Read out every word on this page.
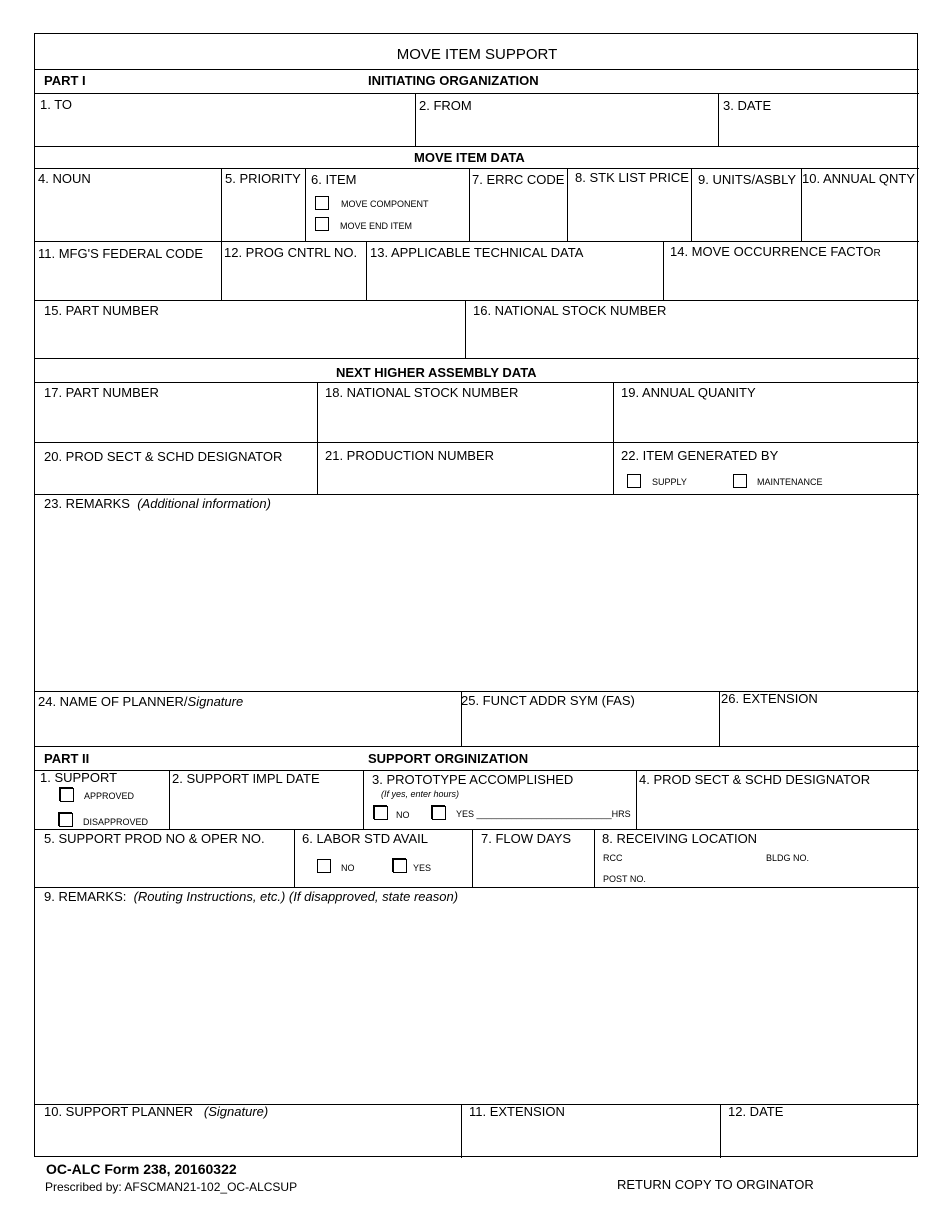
MOVE ITEM SUPPORT
PART I	INITIATING ORGANIZATION
1. TO	2. FROM	3. DATE
MOVE ITEM DATA
4. NOUN	5. PRIORITY 6. ITEM
MOVE COMPONENT
MOVE END ITEM
7. ERRC CODE 8. STK LIST PRICE 9. UNITS/ASBLY 10. ANNUAL QNTY
11. MFG'S FEDERAL CODE 12. PROG CNTRL NO. 13. APPLICABLE TECHNICAL DATA	14. MOVE OCCURRENCE FACTOR
15. PART NUMBER	16. NATIONAL STOCK NUMBER
NEXT HIGHER ASSEMBLY DATA
17. PART NUMBER	18. NATIONAL STOCK NUMBER	19. ANNUAL QUANITY
20. PROD SECT & SCHD DESIGNATOR	21. PRODUCTION NUMBER	22. ITEM GENERATED BY
SUPPLY	MAINTENANCE
23. REMARKS (Additional information)
24. NAME OF PLANNER/Signature	25. FUNCT ADDR SYM (FAS)	26. EXTENSION
PART II	SUPPORT ORGINIZATION
1. SUPPORT
APPROVED
DISAPPROVED
2. SUPPORT IMPL DATE	3. PROTOTYPE ACCOMPLISHED
(If yes, enter hours)
NO	YES ___________________________HRS
4. PROD SECT & SCHD DESIGNATOR
5. SUPPORT PROD NO & OPER NO.	6. LABOR STD AVAIL
NO	YES
7. FLOW DAYS 8. RECEIVING LOCATION
RCC	BLDG NO.
POST NO.
9. REMARKS: (Routing Instructions, etc.) (If disapproved, state reason)
10. SUPPORT PLANNER (Signature)	11. EXTENSION	12. DATE
OC-ALC Form 238, 20160322
Prescribed by: AFSCMAN21-102_OC-ALCSUP	RETURN COPY TO ORGINATOR
